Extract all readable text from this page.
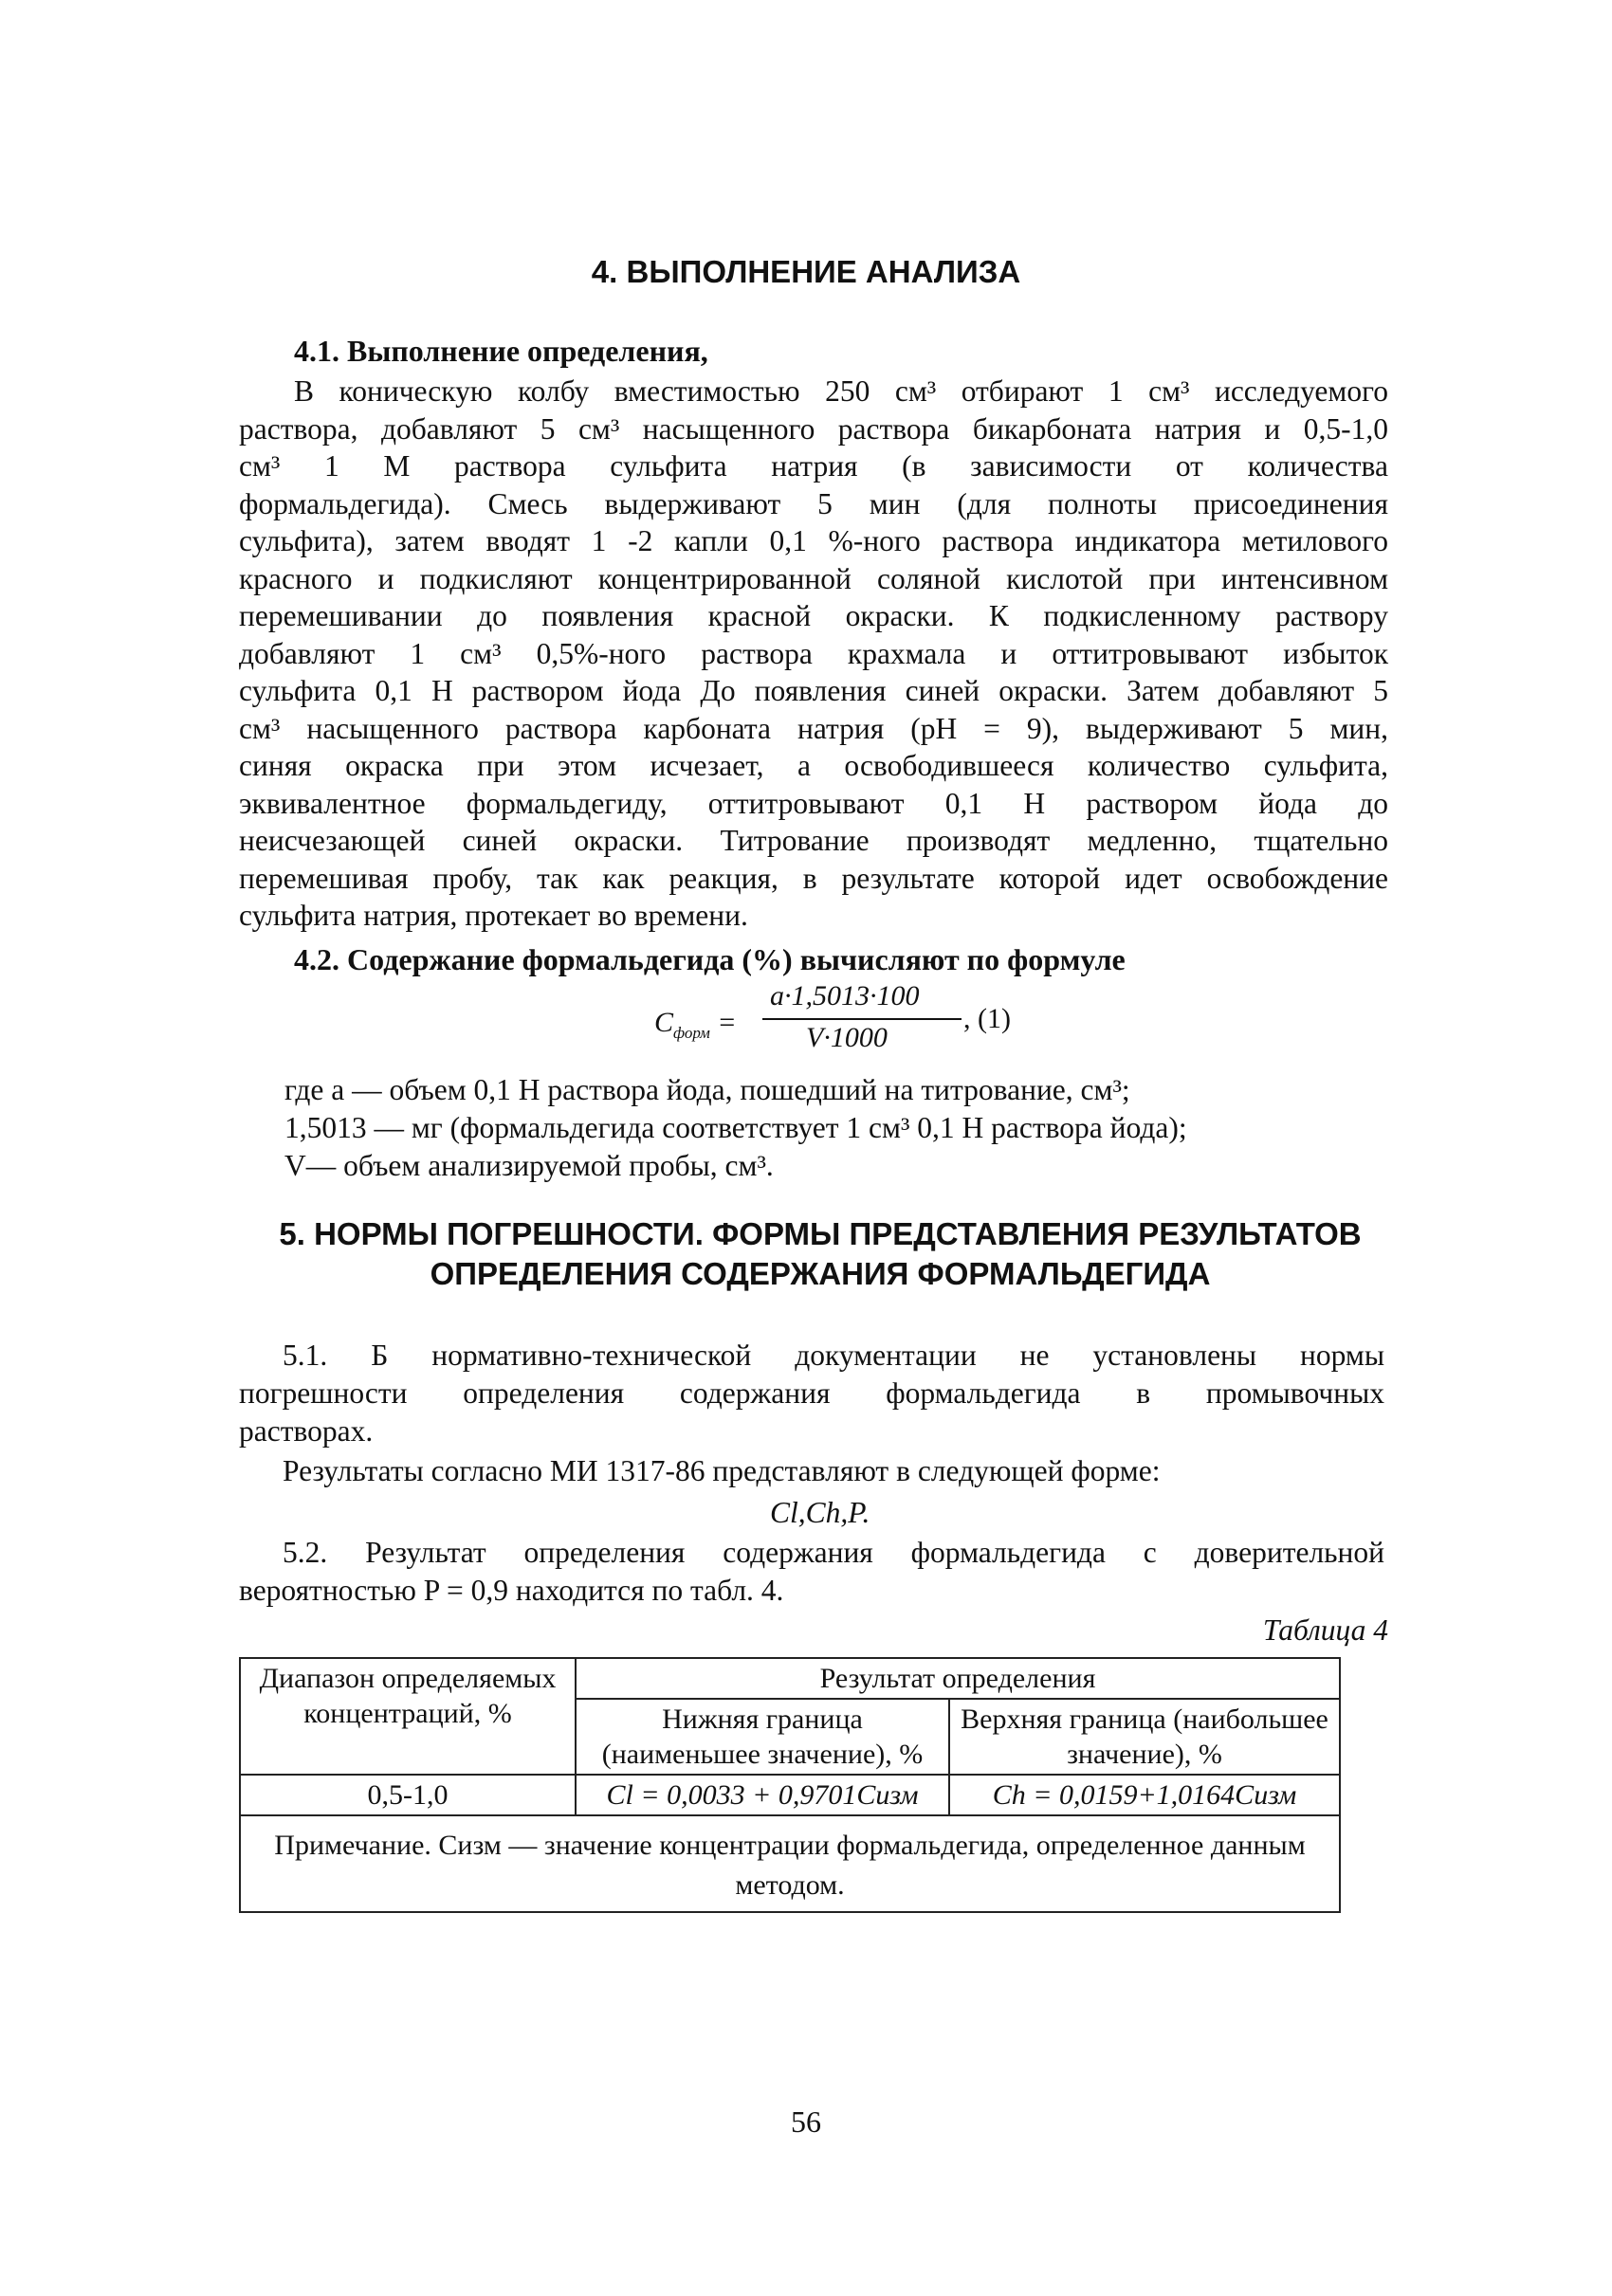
4. ВЫПОЛНЕНИЕ АНАЛИЗА
4.1. Выполнение определения,
В коническую колбу вместимостью 250 см³ отбирают 1 см³ исследуемого
раствора, добавляют 5 см³ насыщенного раствора бикарбоната натрия и 0,5-1,0
см³ 1 М раствора сульфита натрия (в зависимости от количества
формальдегида). Смесь выдерживают 5 мин (для полноты присоединения
сульфита), затем вводят 1 -2 капли 0,1 %-ного раствора индикатора метилового
красного и подкисляют концентрированной соляной кислотой при интенсивном
перемешивании до появления красной окраски. К подкисленному раствору
добавляют 1 см³ 0,5%-ного раствора крахмала и оттитровывают избыток
сульфита 0,1 Н раствором йода До появления синей окраски. Затем добавляют 5
см³ насыщенного раствора карбоната натрия (pH = 9), выдерживают 5 мин,
синяя окраска при этом исчезает, а освободившееся количество сульфита,
эквивалентное формальдегиду, оттитровывают 0,1 Н раствором йода до
неисчезающей синей окраски. Титрование производят медленно, тщательно
перемешивая пробу, так как реакция, в результате которой идет освобождение
сульфита натрия, протекает во времени.
4.2. Содержание формальдегида (%) вычисляют по формуле
$C_{форм}$ =
a·1,5013·100
V·1000
, (1)
где a — объем 0,1 Н раствора йода, пошедший на титрование, см³;
1,5013 — мг (формальдегида соответствует 1 см³ 0,1 Н раствора йода);
V— объем анализируемой пробы, см³.
5. НОРМЫ ПОГРЕШНОСТИ. ФОРМЫ ПРЕДСТАВЛЕНИЯ РЕЗУЛЬТАТОВ
ОПРЕДЕЛЕНИЯ СОДЕРЖАНИЯ ФОРМАЛЬДЕГИДА
5.1. Б нормативно-технической документации не установлены нормы
погрешности определения содержания формальдегида в промывочных
растворах.
Результаты согласно МИ 1317-86 представляют в следующей форме:
Cl,Ch,P.
5.2. Результат определения содержания формальдегида с доверительной
вероятностью P = 0,9 находится по табл. 4.
Таблица 4
Диапазон определяемых концентраций, %	Результат определения	
	Нижняя граница (наименьшее значение), %	Верхняя граница (наибольшее значение), %
0,5-1,0	Cl = 0,0033 + 0,9701Cизм	Ch = 0,0159+1,0164Cизм
Примечание. Cизм — значение концентрации формальдегида, определенное данным методом.		
56
